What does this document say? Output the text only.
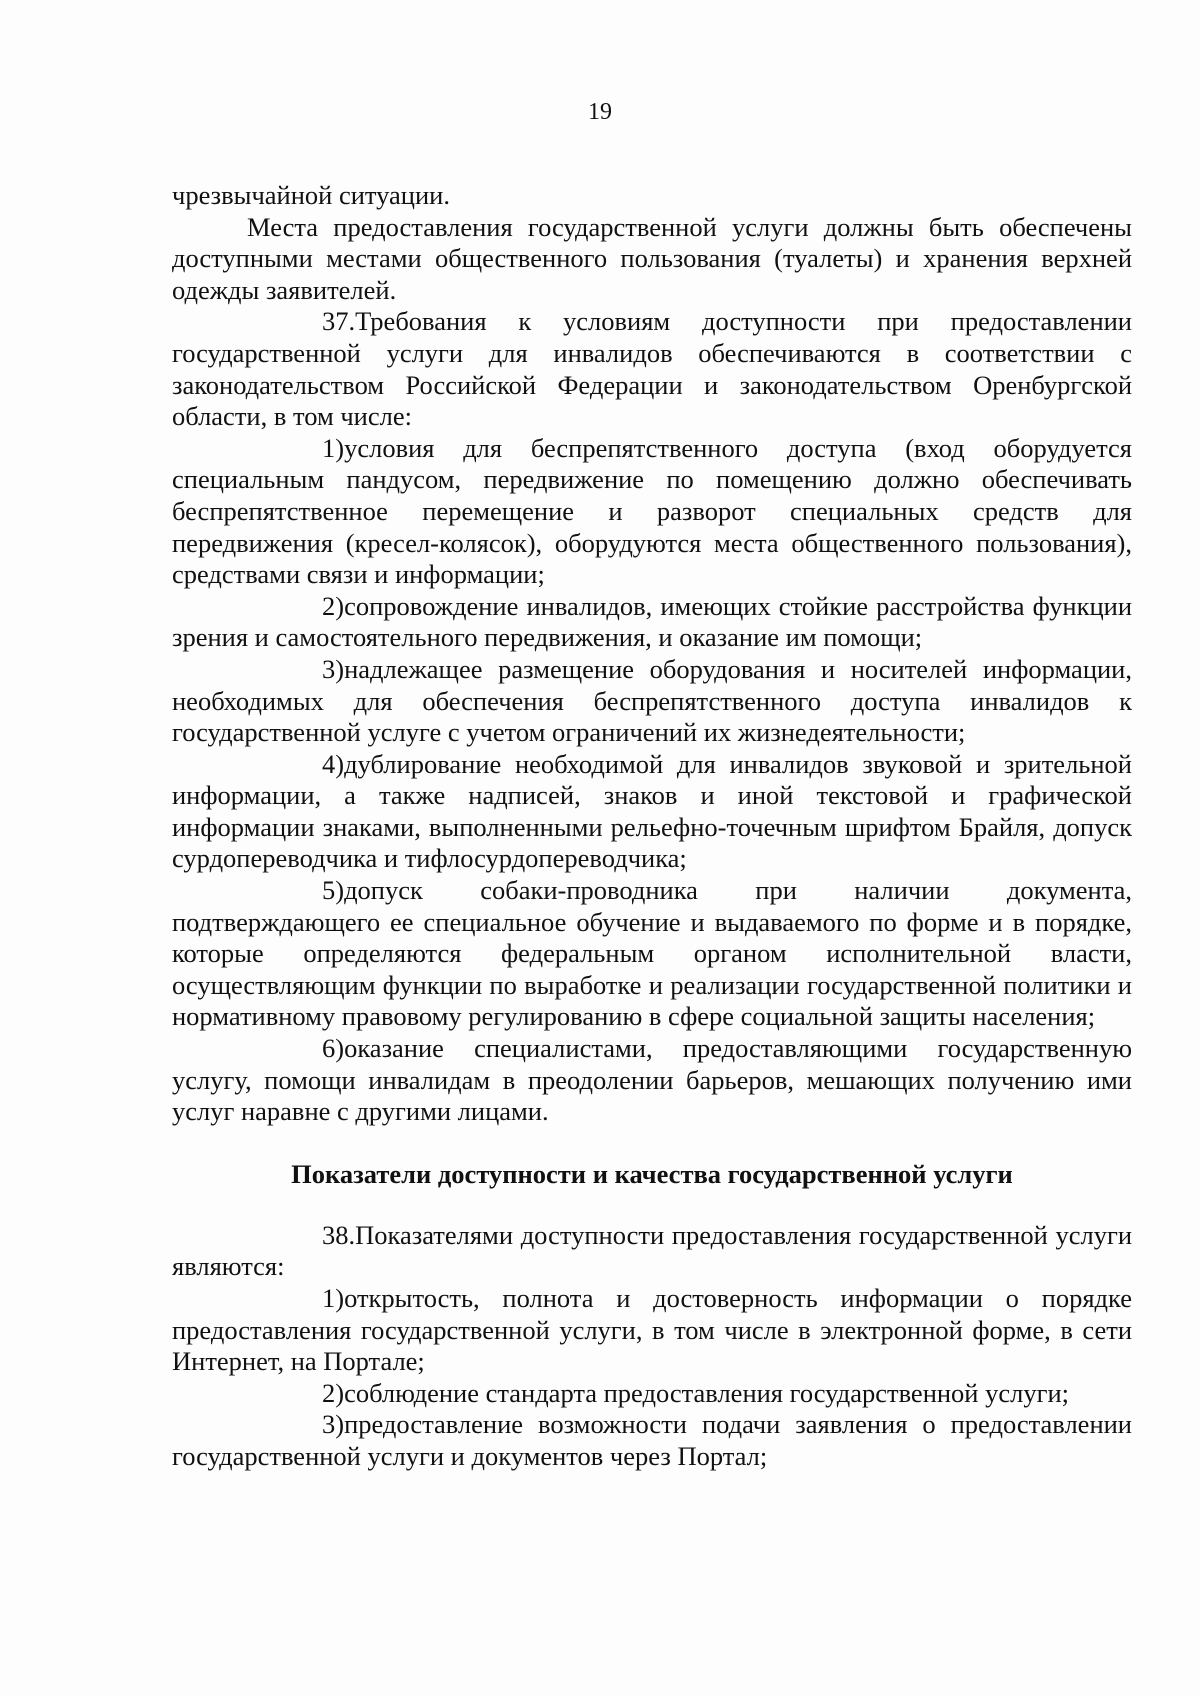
19

чрезвычайной ситуации.

Места предоставления государственной услуги должны быть обеспечены доступными местами общественного пользования (туалеты) и хранения верхней одежды заявителей.

37.Требования к условиям доступности при предоставлении государственной услуги для инвалидов обеспечиваются в соответствии с законодательством Российской Федерации и законодательством Оренбургской области, в том числе:

1)условия для беспрепятственного доступа (вход оборудуется специальным пандусом, передвижение по помещению должно обеспечивать беспрепятственное перемещение и разворот специальных средств для передвижения (кресел-колясок), оборудуются места общественного пользования), средствами связи и информации;

2)сопровождение инвалидов, имеющих стойкие расстройства функции зрения и самостоятельного передвижения, и оказание им помощи;

3)надлежащее размещение оборудования и носителей информации, необходимых для обеспечения беспрепятственного доступа инвалидов к государственной услуге с учетом ограничений их жизнедеятельности;

4)дублирование необходимой для инвалидов звуковой и зрительной информации, а также надписей, знаков и иной текстовой и графической информации знаками, выполненными рельефно-точечным шрифтом Брайля, допуск сурдопереводчика и тифлосурдопереводчика;

5)допуск собаки-проводника при наличии документа, подтверждающего ее специальное обучение и выдаваемого по форме и в порядке, которые определяются федеральным органом исполнительной власти, осуществляющим функции по выработке и реализации государственной политики и нормативному правовому регулированию в сфере социальной защиты населения;

6)оказание специалистами, предоставляющими государственную услугу, помощи инвалидам в преодолении барьеров, мешающих получению ими услуг наравне с другими лицами.

Показатели доступности и качества государственной услуги

38.Показателями доступности предоставления государственной услуги являются:

1)открытость, полнота и достоверность информации о порядке предоставления государственной услуги, в том числе в электронной форме, в сети Интернет, на Портале;

2)соблюдение стандарта предоставления государственной услуги;

3)предоставление возможности подачи заявления о предоставлении государственной услуги и документов через Портал;
